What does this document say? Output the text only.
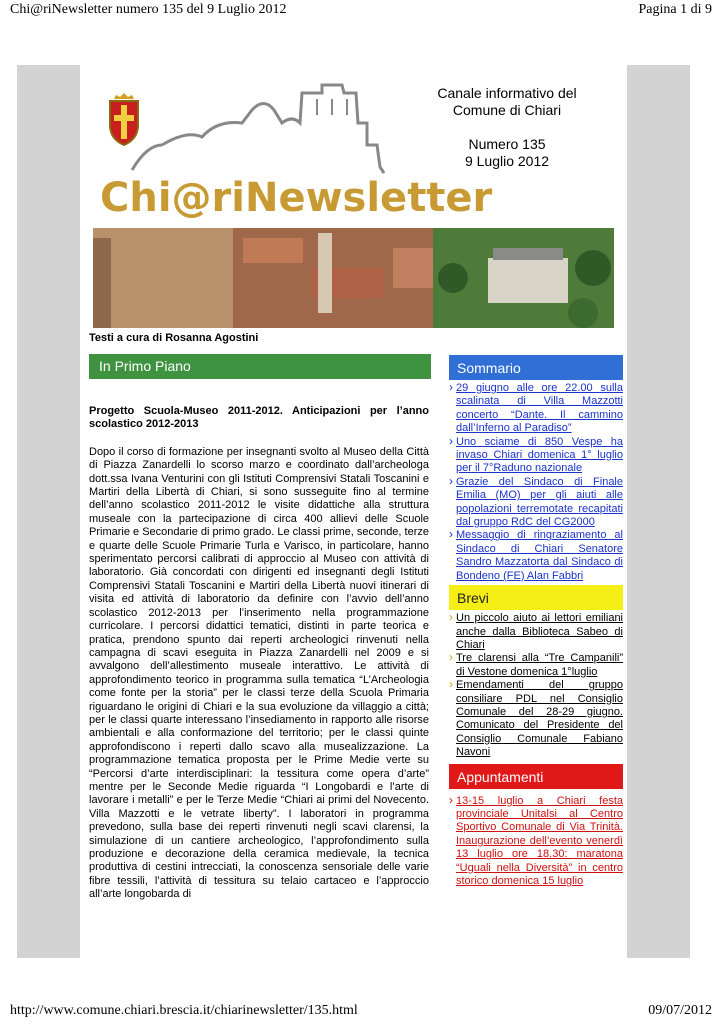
Chi@riNewsletter numero 135 del 9 Luglio 2012	Pagina 1 di 9
Chi@riNewsletter
Canale informativo del
Comune di Chiari
Numero 135
9 Luglio 2012
Testi a cura di Rosanna Agostini
In Primo Piano
Progetto Scuola-Museo 2011-2012. Anticipazioni per l’anno scolastico 2012-2013
Dopo il corso di formazione per insegnanti svolto al Museo della Città di Piazza Zanardelli lo scorso marzo e coordinato dall’archeologa dott.ssa Ivana Venturini con gli Istituti Comprensivi Statali Toscanini e Martiri della Libertà di Chiari, si sono susseguite fino al termine dell’anno scolastico 2011-2012 le visite didattiche alla struttura museale con la partecipazione di circa 400 allievi delle Scuole Primarie e Secondarie di primo grado. Le classi prime, seconde, terze e quarte delle Scuole Primarie Turla e Varisco, in particolare, hanno sperimentato percorsi calibrati di approccio al Museo con attività di laboratorio. Già concordati con dirigenti ed insegnanti degli Istituti Comprensivi Statali Toscanini e Martiri della Libertà nuovi itinerari di visita ed attività di laboratorio da definire con l’avvio dell’anno scolastico 2012-2013 per l’inserimento nella programmazione curricolare. I percorsi didattici tematici, distinti in parte teorica e pratica, prendono spunto dai reperti archeologici rinvenuti nella campagna di scavi eseguita in Piazza Zanardelli nel 2009 e si avvalgono dell’allestimento museale interattivo. Le attività di approfondimento teorico in programma sulla tematica “L’Archeologia come fonte per la storia” per le classi terze della Scuola Primaria riguardano le origini di Chiari e la sua evoluzione da villaggio a città; per le classi quarte interessano l’insediamento in rapporto alle risorse ambientali e alla conformazione del territorio; per le classi quinte approfondiscono i reperti dallo scavo alla musealizzazione. La programmazione tematica proposta per le Prime Medie verte su “Percorsi d’arte interdisciplinari: la tessitura come opera d’arte” mentre per le Seconde Medie riguarda “I Longobardi e l’arte di lavorare i metalli” e per le Terze Medie “Chiari ai primi del Novecento. Villa Mazzotti e le vetrate liberty”. I laboratori in programma prevedono, sulla base dei reperti rinvenuti negli scavi clarensi, la simulazione di un cantiere archeologico, l’approfondimento sulla produzione e decorazione della ceramica medievale, la tecnica produttiva di cestini intrecciati, la conoscenza sensoriale delle varie fibre tessili, l’attività di tessitura su telaio cartaceo e l’approccio all’arte longobarda di
Sommario
› 29 giugno alle ore 22.00 sulla scalinata di Villa Mazzotti concerto “Dante. Il cammino dall’Inferno al Paradiso”
› Uno sciame di 850 Vespe ha invaso Chiari domenica 1° luglio per il 7°Raduno nazionale
› Grazie del Sindaco di Finale Emilia (MO) per gli aiuti alle popolazioni terremotate recapitati dal gruppo RdC del CG2000
› Messaggio di ringraziamento al Sindaco di Chiari Senatore Sandro Mazzatorta dal Sindaco di Bondeno (FE) Alan Fabbri
Brevi
› Un piccolo aiuto ai lettori emiliani anche dalla Biblioteca Sabeo di Chiari
› Tre clarensi alla “Tre Campanili” di Vestone domenica 1°luglio
› Emendamenti del gruppo consiliare PDL nel Consiglio Comunale del 28-29 giugno. Comunicato del Presidente del Consiglio Comunale Fabiano Navoni
Appuntamenti
› 13-15 luglio a Chiari festa provinciale Unitalsi al Centro Sportivo Comunale di Via Trinità. Inaugurazione dell’evento venerdì 13 luglio ore 18.30: maratona “Uguali nella Diversità” in centro storico domenica 15 luglio
http://www.comune.chiari.brescia.it/chiarinewsletter/135.html	09/07/2012
